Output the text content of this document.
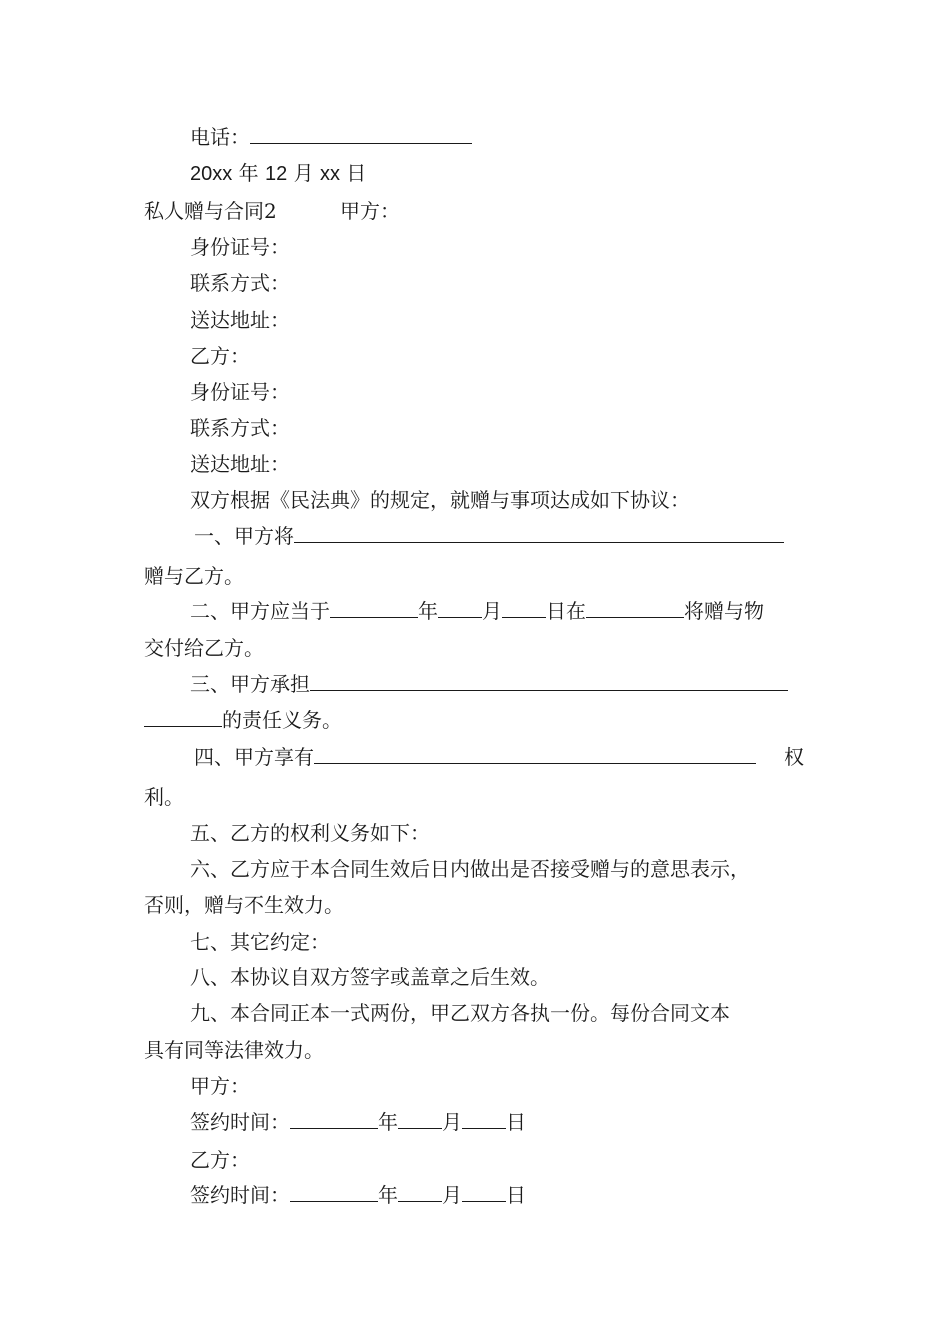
电话：
20xx 年 12 月 xx 日
私人赠与合同2	甲方：
身份证号：
联系方式：
送达地址：
乙方：
身份证号：
联系方式：
送达地址：
双方根据《民法典》的规定，就赠与事项达成如下协议：
一、甲方将
赠与乙方。
二、甲方应当于	年 月 日在	将赠与物
交付给乙方。
三、甲方承担
的责任义务。
四、甲方享有	权
利。
五、乙方的权利义务如下：
六、乙方应于本合同生效后日内做出是否接受赠与的意思表示，
否则，赠与不生效力。
七、其它约定：
八、本协议自双方签字或盖章之后生效。
九、本合同正本一式两份，甲乙双方各执一份。每份合同文本
具有同等法律效力。
甲方：
签约时间：	年 月 日
乙方：
签约时间：	年 月 日
